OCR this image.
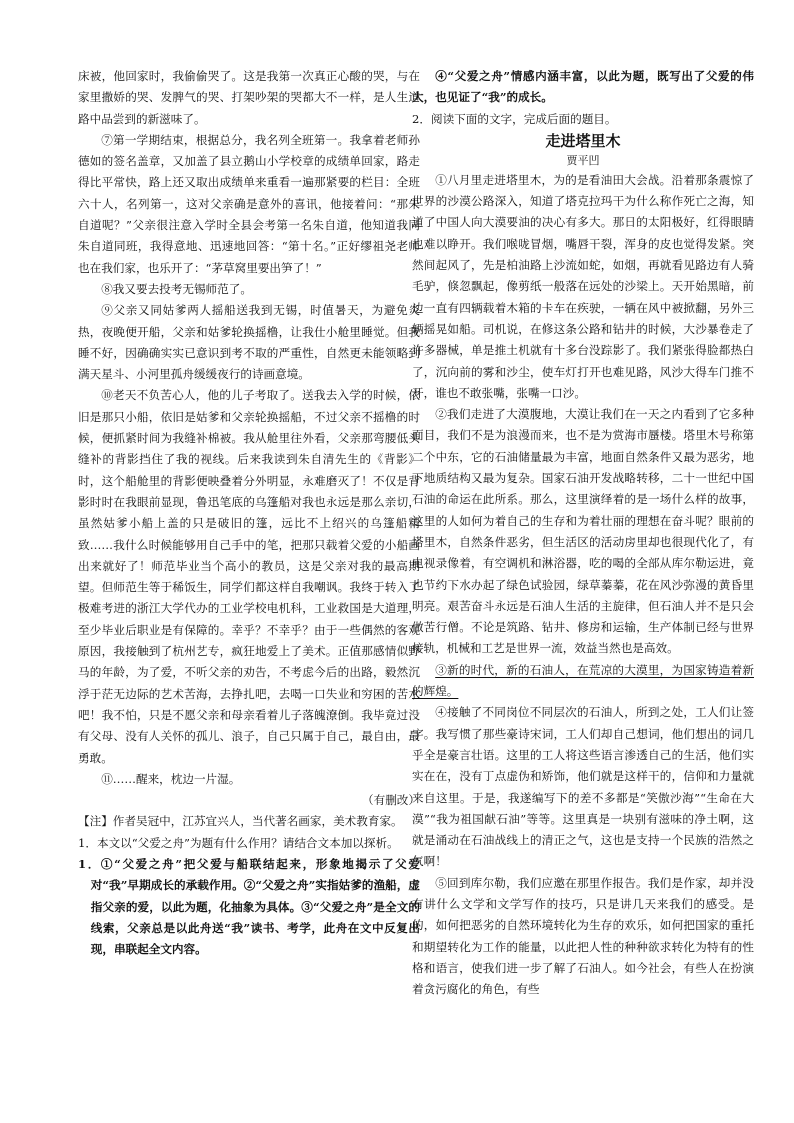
床被，他回家时，我偷偷哭了。这是我第一次真正心酸的哭，与在家里撒娇的哭、发脾气的哭、打架吵架的哭都大不一样，是人生道路中品尝到的新滋味了。

⑦第一学期结束，根据总分，我名列全班第一。我拿着老师孙德如的签名盖章，又加盖了县立鹅山小学校章的成绩单回家，路走得比平常快，路上还又取出成绩单来重看一遍那紧要的栏目：全班六十人，名列第一，这对父亲确是意外的喜讯，他接着问：“那朱自道呢？”父亲很注意入学时全县会考第一名朱自道，他知道我同朱自道同班，我得意地、迅速地回答：“第十名。”正好缪祖尧老师也在我们家，也乐开了：“茅草窝里要出笋了！”

⑧我又要去投考无锡师范了。

⑨父亲又同姑爹两人摇船送我到无锡，时值暑天，为避免炎热，夜晚便开船，父亲和姑爹轮换摇橹，让我仕小舱里睡觉。但我睡不好，因确确实实已意识到考不取的严重性，自然更未能领略到满天星斗、小河里孤舟缓缓夜行的诗画意境。

⑩老天不负苦心人，他的儿子考取了。送我去入学的时候，依旧是那只小船，依旧是姑爹和父亲轮换摇船，不过父亲不摇橹的时候，便抓紧时间为我缝补棉被。我从舱里往外看，父亲那弯腰低头缝补的背影挡住了我的视线。后来我读到朱自清先生的《背影》时，这个船舱里的背影便映叠着分外明显，永难磨灭了！不仅是背影时时在我眼前显现，鲁迅笔底的乌篷船对我也永远是那么亲切，虽然姑爹小船上盖的只是破旧的篷，远比不上绍兴的乌篷船精致……我什么时候能够用自己手中的笔，把那只载着父爱的小船画出来就好了！师范毕业当个高小的教员，这是父亲对我的最高期望。但师范生等于稀饭生，同学们都这样自我嘲讽。我终于转入了极难考进的浙江大学代办的工业学校电机科，工业救国是大道理，至少毕业后职业是有保障的。幸乎？不幸乎？由于一些偶然的客观原因，我接触到了杭州艺专，疯狂地爱上了美术。正值那感情似野马的年龄，为了爱，不听父亲的劝告，不考虑今后的出路，毅然沉浮于茫无边际的艺术苦海，去挣扎吧，去喝一口失业和穷困的苦水吧！我不怕，只是不愿父亲和母亲看着儿子落魄潦倒。我毕竟过没有父母、没有人关怀的孤儿、浪子，自己只属于自己，最自由，最勇敢。

⑪……醒来，枕边一片湿。

（有删改）

【注】作者吴冠中，江苏宜兴人，当代著名画家，美术教育家。

1．本文以“父爱之舟”为题有什么作用？请结合文本加以探析。

1．①“父爱之舟”把父爱与船联结起来，形象地揭示了父爱对“我”早期成长的承载作用。②“父爱之舟”实指姑爹的渔船，虚指父亲的爱，以此为题，化抽象为具体。③“父爱之舟”是全文的线索，父亲总是以此舟送“我”读书、考学，此舟在文中反复出现，串联起全文内容。

④“父爱之舟”情感内涵丰富，以此为题，既写出了父爱的伟大，也见证了“我”的成长。

2．阅读下面的文字，完成后面的题目。

走进塔里木

贾平凹

①八月里走进塔里木，为的是看油田大会战。沿着那条震惊了世界的沙漠公路深入，知道了塔克拉玛干为什么称作死亡之海，知道了中国人向大漠要油的决心有多大。那日的太阳极好，红得眼睛也难以睁开。我们喉咙冒烟，嘴唇干裂，浑身的皮也觉得发紧。突然间起风了，先是柏油路上沙流如蛇，如烟，再就看见路边有人骑毛驴，倏忽飘起，像剪纸一般落在远处的沙梁上。天开始黑暗，前边一直有四辆载着木箱的卡车在疾驶，一辆在风中被掀翻，另外三辆摇晃如船。司机说，在修这条公路和钻井的时候，大沙暴卷走了许多器械，单是推土机就有十多台没踪影了。我们紧张得脸都热白了，沉向前的雾和沙尘，使车灯打开也难见路，风沙大得车门推不开，谁也不敢张嘴，张嘴一口沙。

②我们走进了大漠腹地，大漠让我们在一天之内看到了它多种面目，我们不是为浪漫而来，也不是为赏海市蜃楼。塔里木号称第二个中东，它的石油储量最为丰富，地面自然条件又最为恶劣，地下地质结构又最为复杂。国家石油开发战略转移，二十一世纪中国石油的命运在此所系。那么，这里演绎着的是一场什么样的故事，这里的人如何为着自己的生存和为着壮丽的理想在奋斗呢？眼前的塔里木，自然条件恶劣，但生活区的活动房里却也很现代化了，有电视录像着，有空调机和淋浴器，吃的喝的全部从库尔勒运进，竟也节约下水办起了绿色试验园，绿草蓁蓁，花在风沙弥漫的黄昏里明亮。艰苦奋斗永远是石油人生活的主旋律，但石油人并不是只会做苦行僧。不论是筑路、钻井、修房和运输，生产体制已经与世界接轨，机械和工艺是世界一流，效益当然也是高效。

③新的时代，新的石油人，在荒凉的大漠里，为国家铸造着新的辉煌。

④接触了不同岗位不同层次的石油人，所到之处，工人们让签字。我写惯了那些豪诗宋词，工人们却自己想词，他们想出的词几乎全是豪言壮语。这里的工人将这些语言渗透自己的生活，他们实实在在，没有丁点虚伪和矫饰，他们就是这样干的，信仰和力量就来自这里。于是，我遂编写下的差不多都是“笑傲沙海”“生命在大漠”“我为祖国献石油”等等。这里真是一块别有滋味的净土啊，这就是涌动在石油战线上的清正之气，这也是支持一个民族的浩然之气啊！

⑤回到库尔勒，我们应邀在那里作报告。我们是作家，却并没有讲什么文学和文学写作的技巧，只是讲几天来我们的感受。是的，如何把恶劣的自然环境转化为生存的欢乐，如何把国家的重托和期望转化为工作的能量，以此把人性的种种欲求转化为特有的性格和语言，使我们进一步了解了石油人。如今社会，有些人在扮演着贪污腐化的角色，有些
